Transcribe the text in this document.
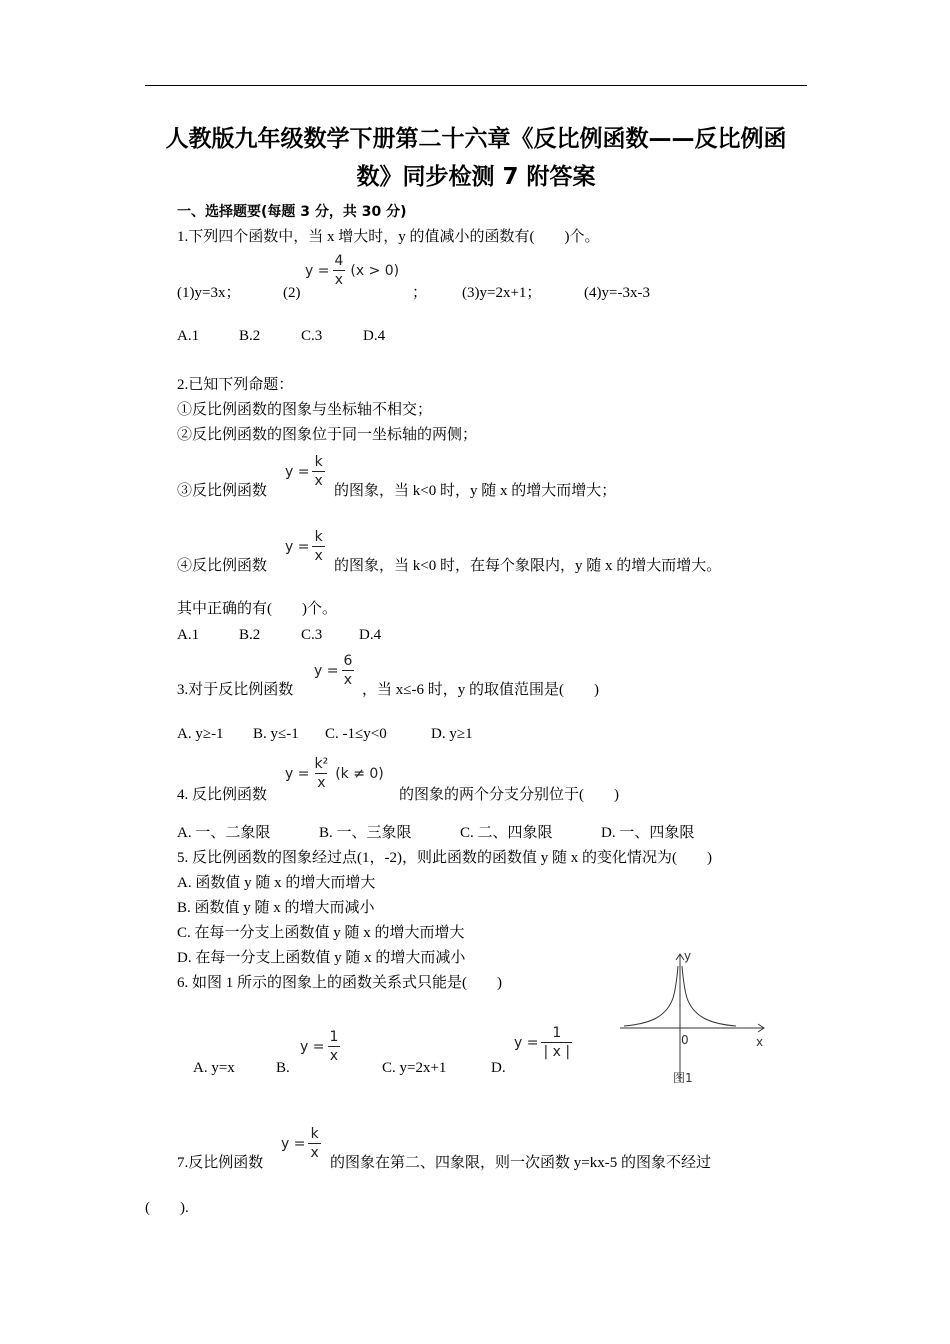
人教版九年级数学下册第二十六章《反比例函数——反比例函
数》同步检测 7 附答案
一、选择题要(每题 3 分，共 30 分)
1.下列四个函数中，当 x 增大时，y 的值减小的函数有(　　)个。
$y = \frac{4}{x} (x > 0)$
(1)y=3x；	(2)	； (3)y=2x+1；	(4)y=-3x-3
A.1	B.2	C.3	D.4
2.已知下列命题：
①反比例函数的图象与坐标轴不相交；
②反比例函数的图象位于同一坐标轴的两侧；
$y = \frac{k}{x}$
③反比例函数	的图象，当 k<0 时，y 随 x 的增大而增大；
$y = \frac{k}{x}$
④反比例函数	的图象，当 k<0 时，在每个象限内，y 随 x 的增大而增大。
其中正确的有(　　)个。
A.1	B.2	C.3 D.4
$y = \frac{6}{x}$
3.对于反比例函数	，当 x≤-6 时，y 的取值范围是(　　)
A. y≥-1 B. y≤-1 C. -1≤y<0	D. y≥1
$y = \frac{\text{k²}}{x} (k \ne 0)$
4. 反比例函数	的图象的两个分支分别位于(　　)
A. 一、二象限	B. 一、三象限	C. 二、四象限	D. 一、四象限
5. 反比例函数的图象经过点(1，-2)，则此函数的函数值 y 随 x 的变化情况为(　　)
A. 函数值 y 随 x 的增大而增大
B. 函数值 y 随 x 的增大而减小
C. 在每一分支上函数值 y 随 x 的增大而增大
D. 在每一分支上函数值 y 随 x 的增大而减小
6. 如图 1 所示的图象上的函数关系式只能是(　　)
$y = \frac{1}{x}$	$y = \frac{1}{| x |}$
A. y=x	B.	C. y=2x+1	D.
y
x
0
图1
$y = \frac{k}{x}$
7.反比例函数	的图象在第二、四象限，则一次函数 y=kx-5 的图象不经过
(　　).
